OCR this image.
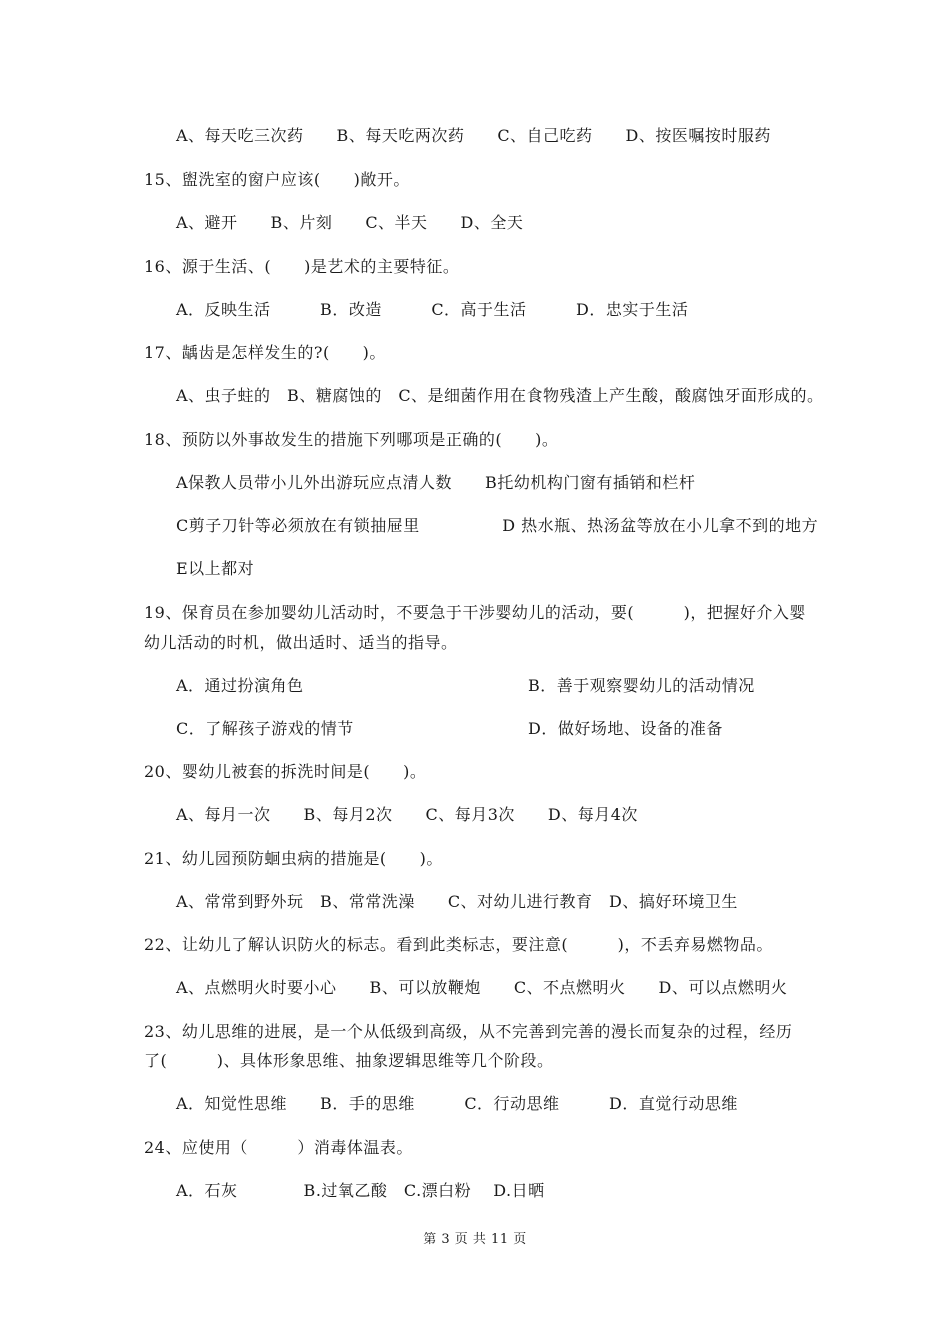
A、每天吃三次药　　B、每天吃两次药　　C、自己吃药　　D、按医嘱按时服药
15、盥洗室的窗户应该(　　)敞开。
A、避开　　B、片刻　　C、半天　　D、全天
16、源于生活、(　　)是艺术的主要特征。
A．反映生活　　　B．改造　　　C．高于生活　　　D．忠实于生活
17、龋齿是怎样发生的?(　　)。
A、虫子蛀的　B、糖腐蚀的　C、是细菌作用在食物残渣上产生酸，酸腐蚀牙面形成的。
18、预防以外事故发生的措施下列哪项是正确的(　　)。
A保教人员带小儿外出游玩应点清人数　　B托幼机构门窗有插销和栏杆
C剪子刀针等必须放在有锁抽屉里　　　　　D 热水瓶、热汤盆等放在小儿拿不到的地方
E以上都对
19、保育员在参加婴幼儿活动时，不要急于干涉婴幼儿的活动，要(　　　)，把握好介入婴
幼儿活动的时机，做出适时、适当的指导。
A．通过扮演角色	B．善于观察婴幼儿的活动情况
C．了解孩子游戏的情节	D．做好场地、设备的准备
20、婴幼儿被套的拆洗时间是(　　)。
A、每月一次　　B、每月2次　　C、每月3次　　D、每月4次
21、幼儿园预防蛔虫病的措施是(　　)。
A、常常到野外玩　B、常常洗澡　　C、对幼儿进行教育　D、搞好环境卫生
22、让幼儿了解认识防火的标志。看到此类标志，要注意(　　　)，不丢弃易燃物品。
A、点燃明火时要小心　　B、可以放鞭炮　　C、不点燃明火　　D、可以点燃明火
23、幼儿思维的进展，是一个从低级到高级，从不完善到完善的漫长而复杂的过程，经历
了(　　　)、具体形象思维、抽象逻辑思维等几个阶段。
A．知觉性思维　　B．手的思维　　　C．行动思维　　　D．直觉行动思维
24、应使用（　　　）消毒体温表。
A．石灰　　　　B.过氧乙酸　C.漂白粉　 D.日晒
第 3 页 共 11 页
